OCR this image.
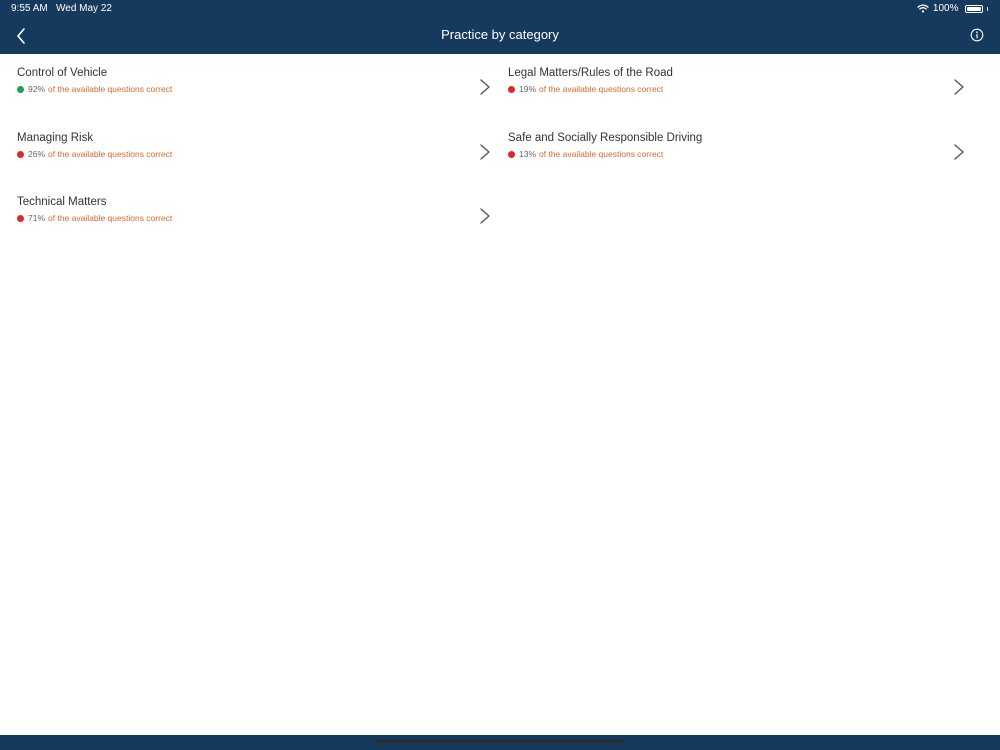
9:55 AM Wed May 22	100%
Practice by category
Control of Vehicle
92% of the available questions correct
Legal Matters/Rules of the Road
19% of the available questions correct
Managing Risk
26% of the available questions correct
Safe and Socially Responsible Driving
13% of the available questions correct
Technical Matters
71% of the available questions correct
